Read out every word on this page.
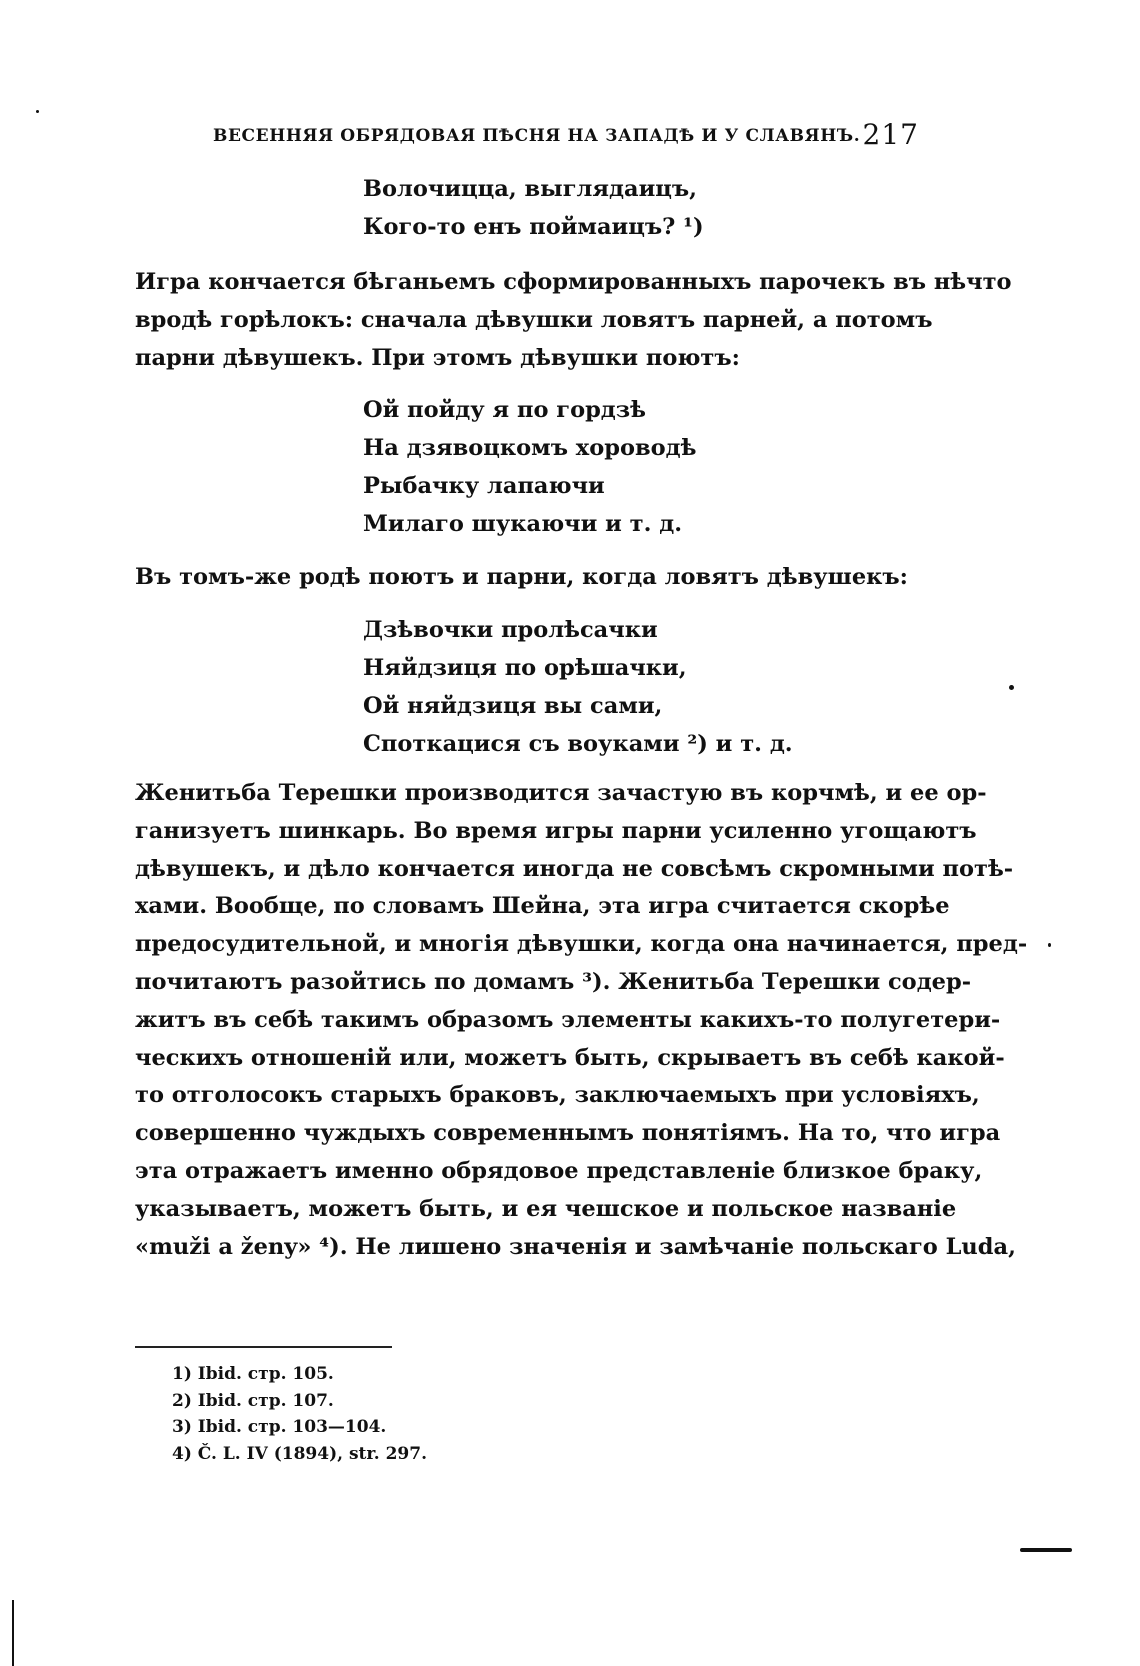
ВЕСЕННЯЯ ОБРЯДОВАЯ ПѢСНЯ НА ЗАПАДѢ И У СЛАВЯНЪ. 217
Волочицца, выглядаицъ,
Кого-то енъ поймаицъ? ¹)
Игра кончается бѣганьемъ сформированныхъ парочекъ въ нѣчто
вродѣ горѣлокъ: сначала дѣвушки ловятъ парней, а потомъ
парни дѣвушекъ. При этомъ дѣвушки поютъ:
Ой пойду я по гордзѣ
На дзявоцкомъ хороводѣ
Рыбачку лапаючи
Милаго шукаючи и т. д.
Въ томъ-же родѣ поютъ и парни, когда ловятъ дѣвушекъ:
Дзѣвочки пролѣсачки
Няйдзиця по орѣшачки,
Ой няйдзиця вы сами,
Споткацися съ воуками ²) и т. д.
Женитьба Терешки производится зачастую въ корчмѣ, и ее ор-
ганизуетъ шинкарь. Во время игры парни усиленно угощаютъ
дѣвушекъ, и дѣло кончается иногда не совсѣмъ скромными потѣ-
хами. Вообще, по словамъ Шейна, эта игра считается скорѣе
предосудительной, и многія дѣвушки, когда она начинается, пред-
почитаютъ разойтись по домамъ ³). Женитьба Терешки содер-
житъ въ себѣ такимъ образомъ элементы какихъ-то полугетери-
ческихъ отношеній или, можетъ быть, скрываетъ въ себѣ какой-
то отголосокъ старыхъ браковъ, заключаемыхъ при условіяхъ,
совершенно чуждыхъ современнымъ понятіямъ. На то, что игра
эта отражаетъ именно обрядовое представленіе близкое браку,
указываетъ, можетъ быть, и ея чешское и польское названіе
«muži a ženy» ⁴). Не лишено значенія и замѣчаніе польскаго Luda,
1) Ibid. стр. 105.
2) Ibid. стр. 107.
3) Ibid. стр. 103—104.
4) Č. L. IV (1894), str. 297.
